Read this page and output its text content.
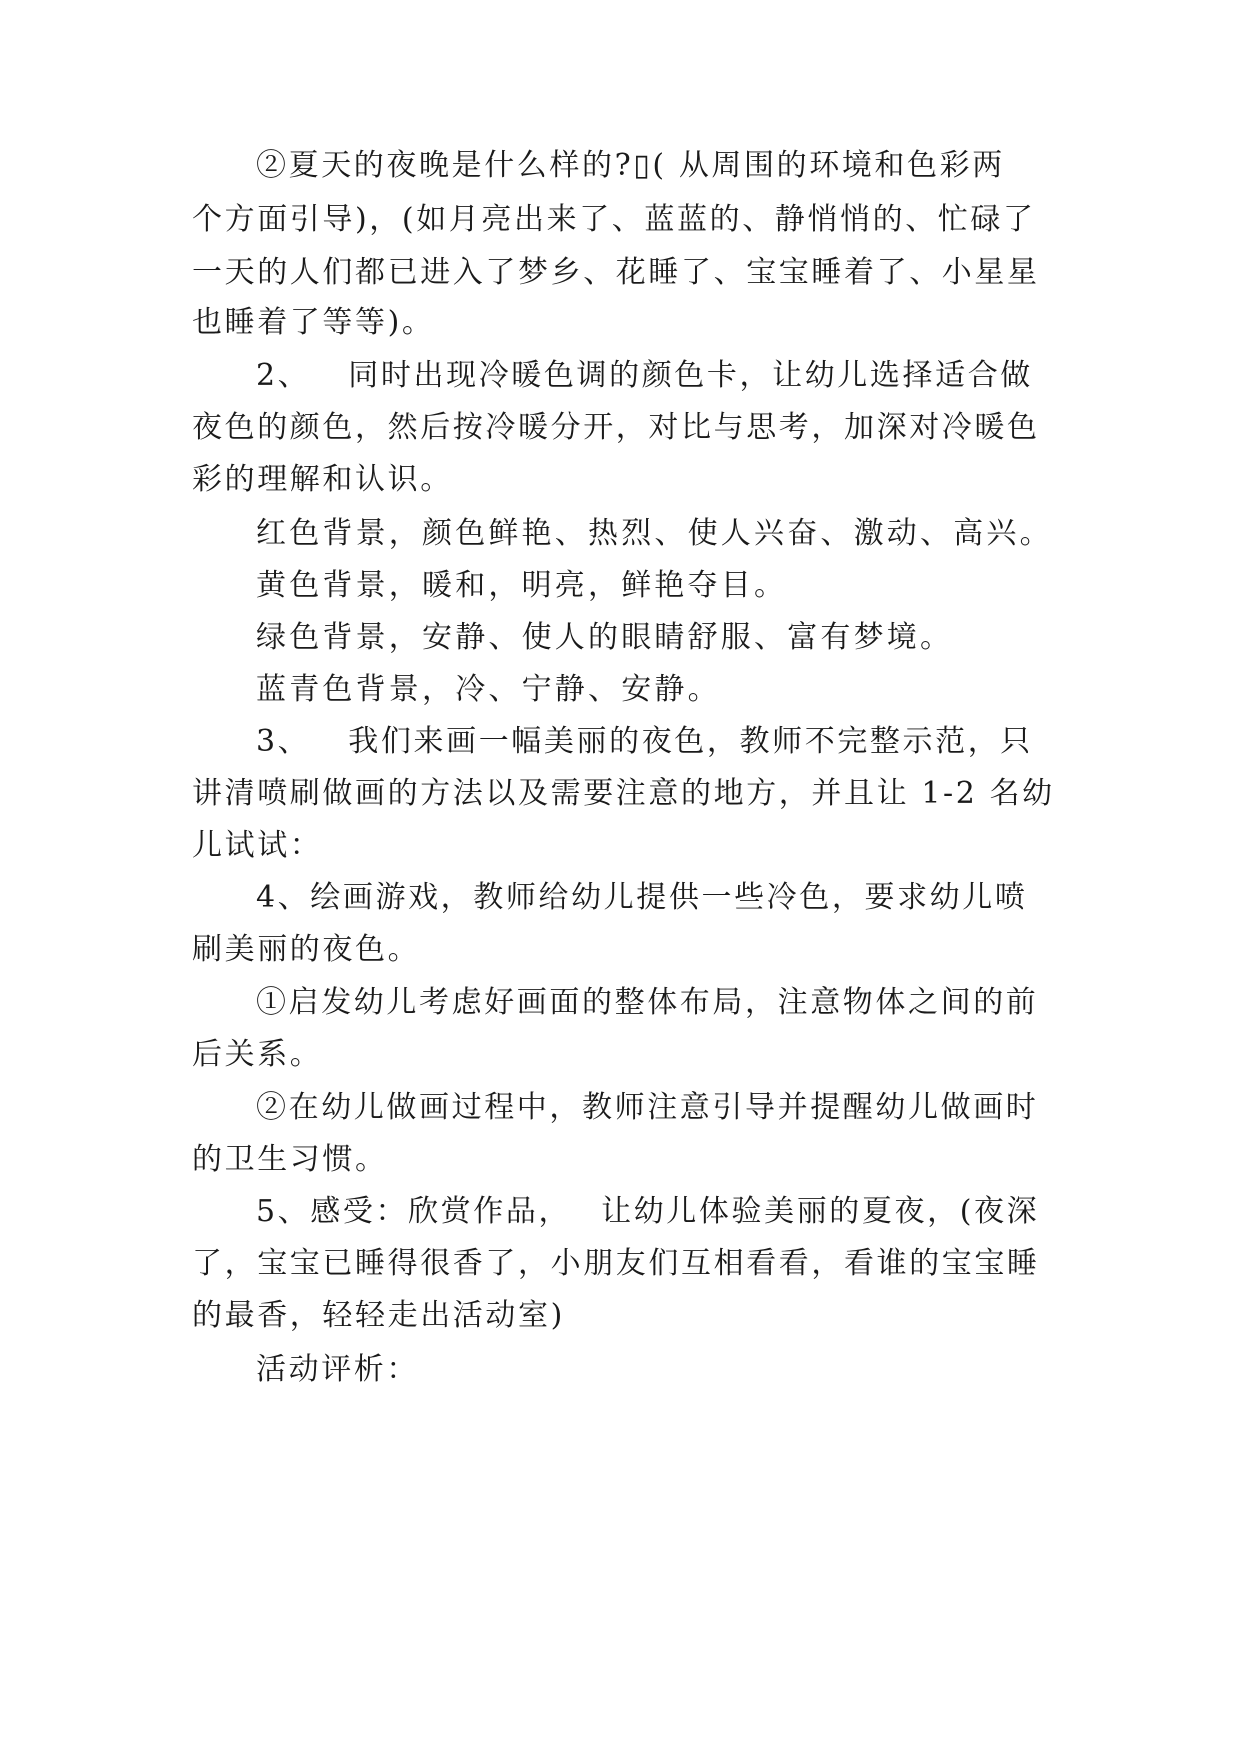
②夏天的夜晚是什么样的?▯( 从周围的环境和色彩两

个方面引导)，(如月亮出来了、蓝蓝的、静悄悄的、忙碌了

一天的人们都已进入了梦乡、花睡了、宝宝睡着了、小星星

也睡着了等等)。

2、 同时出现冷暖色调的颜色卡，让幼儿选择适合做

夜色的颜色，然后按冷暖分开，对比与思考，加深对冷暖色

彩的理解和认识。

红色背景，颜色鲜艳、热烈、使人兴奋、激动、高兴。

黄色背景，暖和，明亮，鲜艳夺目。

绿色背景，安静、使人的眼睛舒服、富有梦境。

蓝青色背景，冷、宁静、安静。

3、 我们来画一幅美丽的夜色，教师不完整示范，只

讲清喷刷做画的方法以及需要注意的地方，并且让 1-2 名幼

儿试试：

4、绘画游戏，教师给幼儿提供一些冷色，要求幼儿喷

刷美丽的夜色。

①启发幼儿考虑好画面的整体布局，注意物体之间的前

后关系。

②在幼儿做画过程中，教师注意引导并提醒幼儿做画时

的卫生习惯。

5、感受：欣赏作品， 让幼儿体验美丽的夏夜，(夜深

了，宝宝已睡得很香了，小朋友们互相看看，看谁的宝宝睡

的最香，轻轻走出活动室)

活动评析：
